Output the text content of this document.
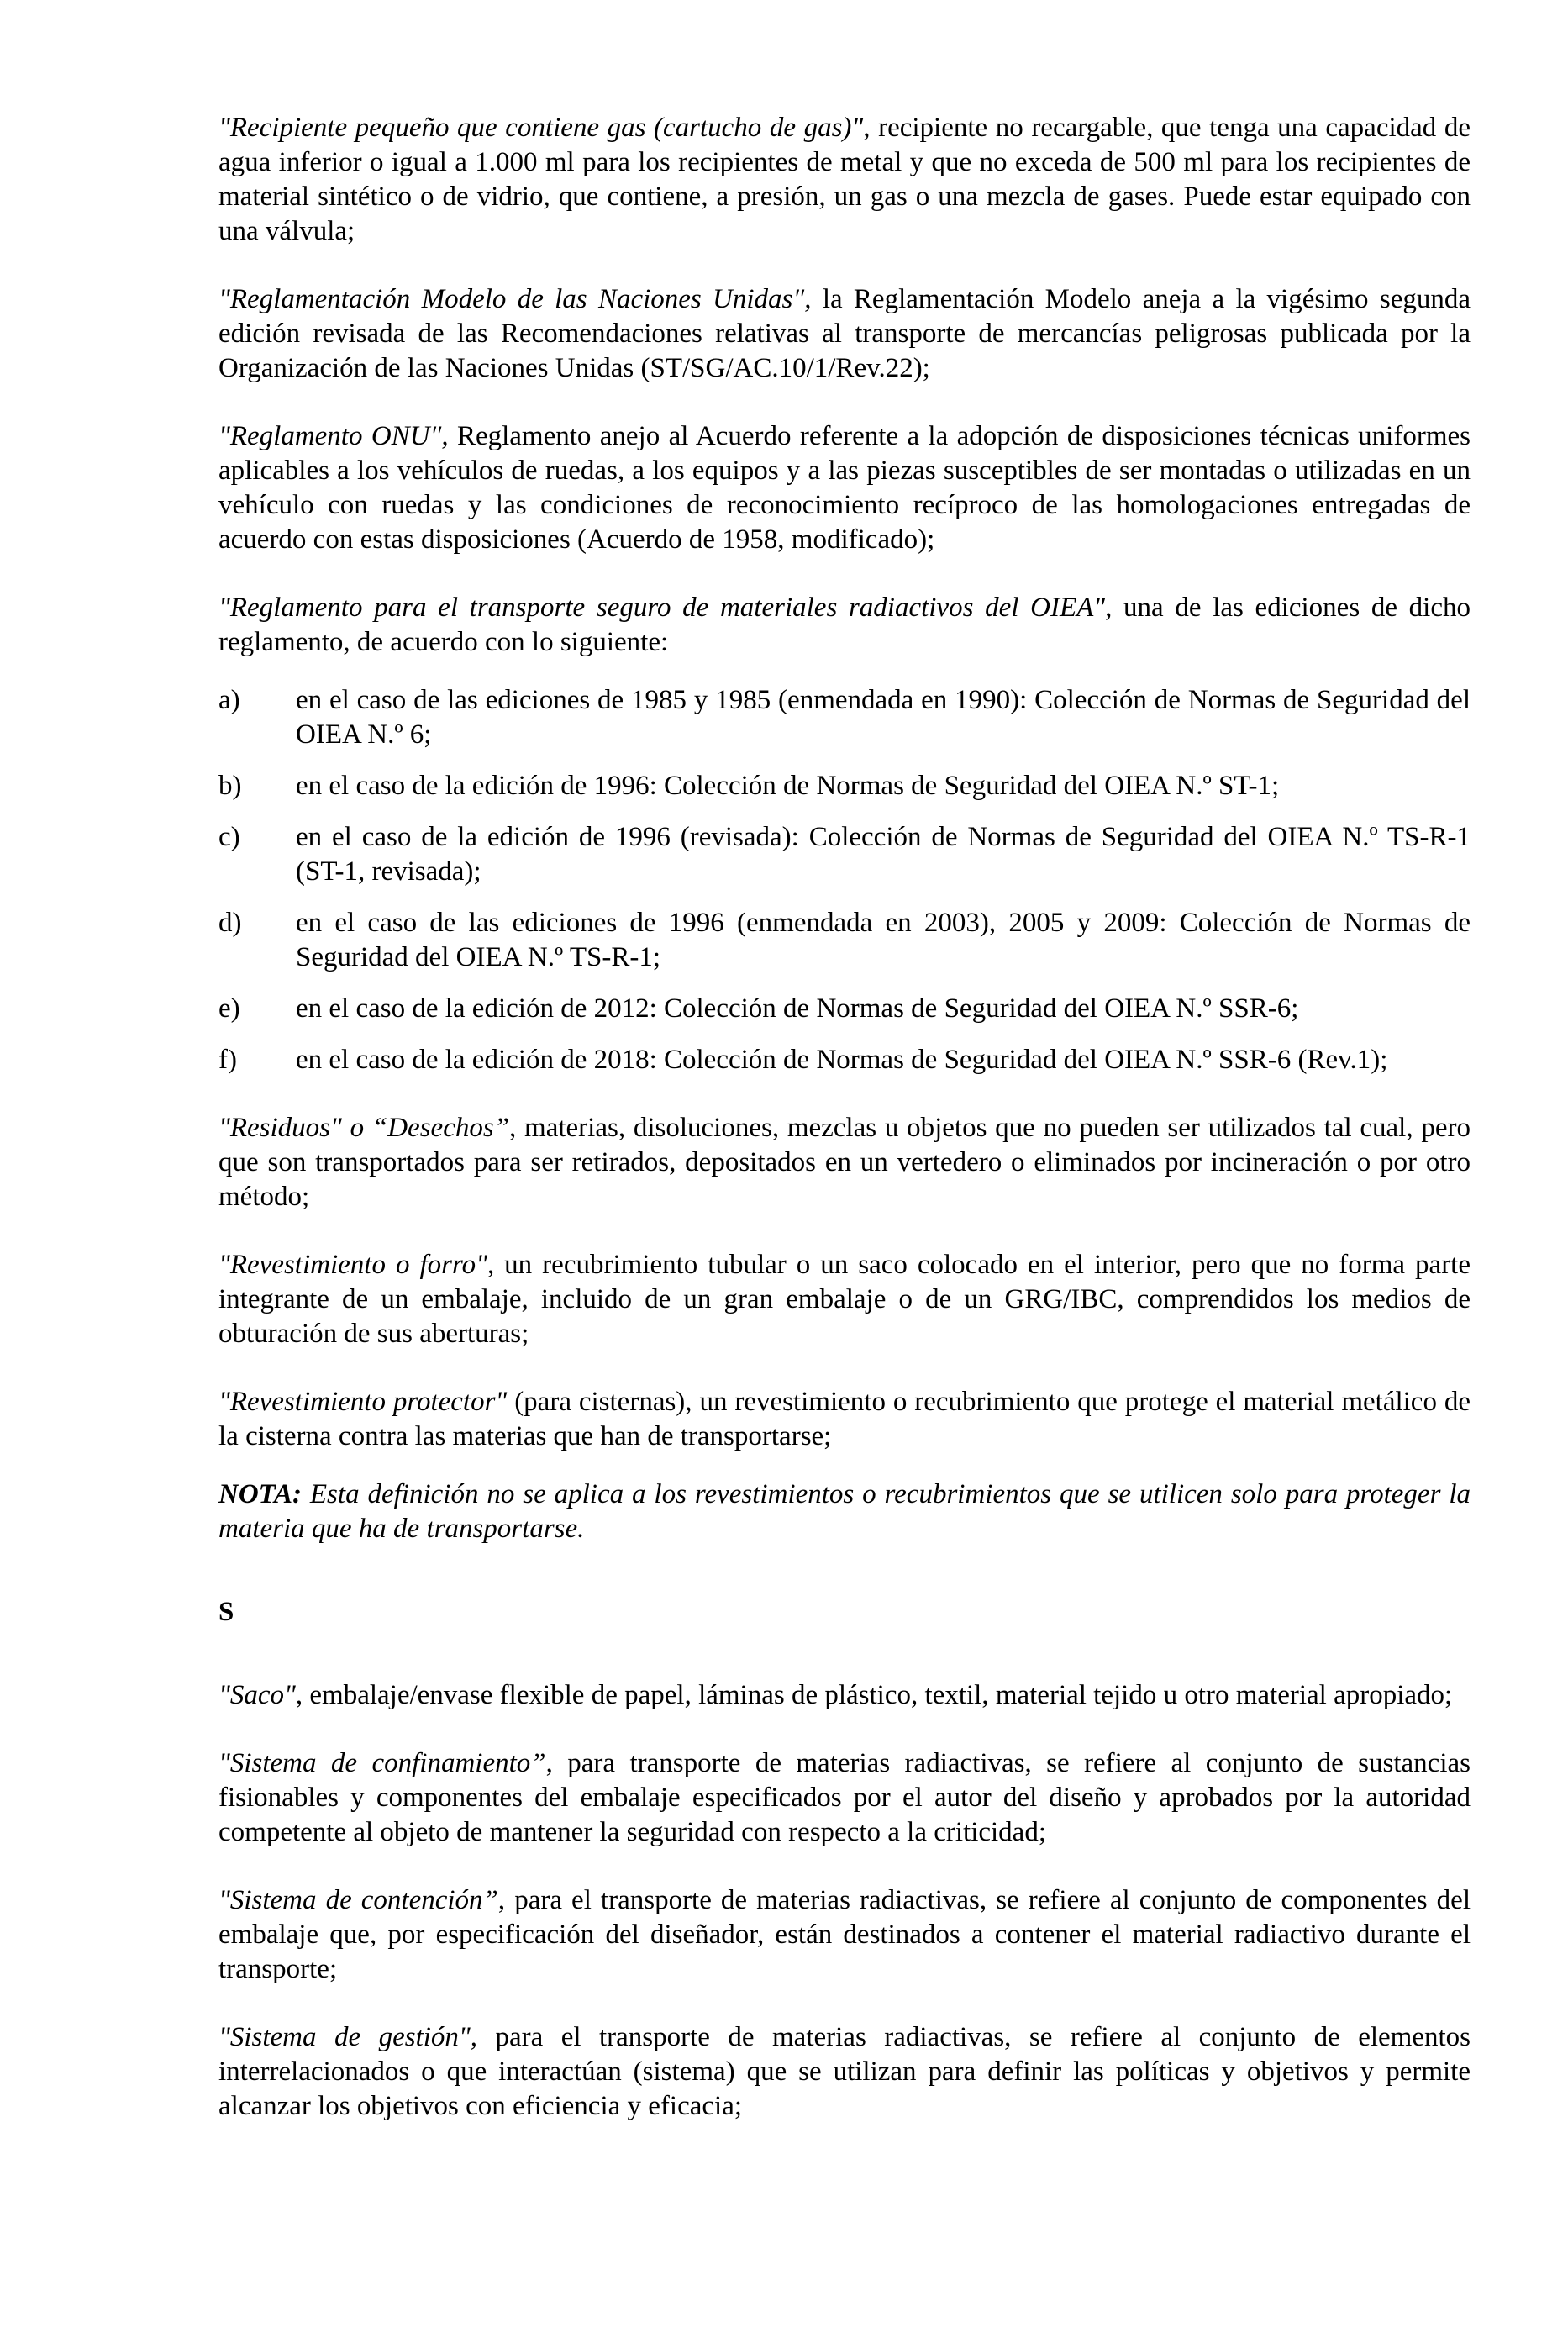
"Recipiente pequeño que contiene gas (cartucho de gas)", recipiente no recargable, que tenga una capacidad de agua inferior o igual a 1.000 ml para los recipientes de metal y que no exceda de 500 ml para los recipientes de material sintético o de vidrio, que contiene, a presión, un gas o una mezcla de gases. Puede estar equipado con una válvula;

"Reglamentación Modelo de las Naciones Unidas", la Reglamentación Modelo aneja a la vigésimo segunda edición revisada de las Recomendaciones relativas al transporte de mercancías peligrosas publicada por la Organización de las Naciones Unidas (ST/SG/AC.10/1/Rev.22);

"Reglamento ONU", Reglamento anejo al Acuerdo referente a la adopción de disposiciones técnicas uniformes aplicables a los vehículos de ruedas, a los equipos y a las piezas susceptibles de ser montadas o utilizadas en un vehículo con ruedas y las condiciones de reconocimiento recíproco de las homologaciones entregadas de acuerdo con estas disposiciones (Acuerdo de 1958, modificado);

"Reglamento para el transporte seguro de materiales radiactivos del OIEA", una de las ediciones de dicho reglamento, de acuerdo con lo siguiente:

a)	en el caso de las ediciones de 1985 y 1985 (enmendada en 1990): Colección de Normas de Seguridad del OIEA N.º 6;
b)	en el caso de la edición de 1996: Colección de Normas de Seguridad del OIEA N.º ST-1;
c)	en el caso de la edición de 1996 (revisada): Colección de Normas de Seguridad del OIEA N.º TS-R-1 (ST-1, revisada);
d)	en el caso de las ediciones de 1996 (enmendada en 2003), 2005 y 2009: Colección de Normas de Seguridad del OIEA N.º TS-R-1;
e)	en el caso de la edición de 2012: Colección de Normas de Seguridad del OIEA N.º SSR-6;
f)	en el caso de la edición de 2018: Colección de Normas de Seguridad del OIEA N.º SSR-6 (Rev.1);

"Residuos" o “Desechos”, materias, disoluciones, mezclas u objetos que no pueden ser utilizados tal cual, pero que son transportados para ser retirados, depositados en un vertedero o eliminados por incineración o por otro método;

"Revestimiento o forro", un recubrimiento tubular o un saco colocado en el interior, pero que no forma parte integrante de un embalaje, incluido de un gran embalaje o de un GRG/IBC, comprendidos los medios de obturación de sus aberturas;

"Revestimiento protector" (para cisternas), un revestimiento o recubrimiento que protege el material metálico de la cisterna contra las materias que han de transportarse;

NOTA: Esta definición no se aplica a los revestimientos o recubrimientos que se utilicen solo para proteger la materia que ha de transportarse.

S

"Saco", embalaje/envase flexible de papel, láminas de plástico, textil, material tejido u otro material apropiado;

"Sistema de confinamiento”, para transporte de materias radiactivas, se refiere al conjunto de sustancias fisionables y componentes del embalaje especificados por el autor del diseño y aprobados por la autoridad competente al objeto de mantener la seguridad con respecto a la criticidad;

"Sistema de contención”, para el transporte de materias radiactivas, se refiere al conjunto de componentes del embalaje que, por especificación del diseñador, están destinados a contener el material radiactivo durante el transporte;

"Sistema de gestión", para el transporte de materias radiactivas, se refiere al conjunto de elementos interrelacionados o que interactúan (sistema) que se utilizan para definir las políticas y objetivos y permite alcanzar los objetivos con eficiencia y eficacia;
